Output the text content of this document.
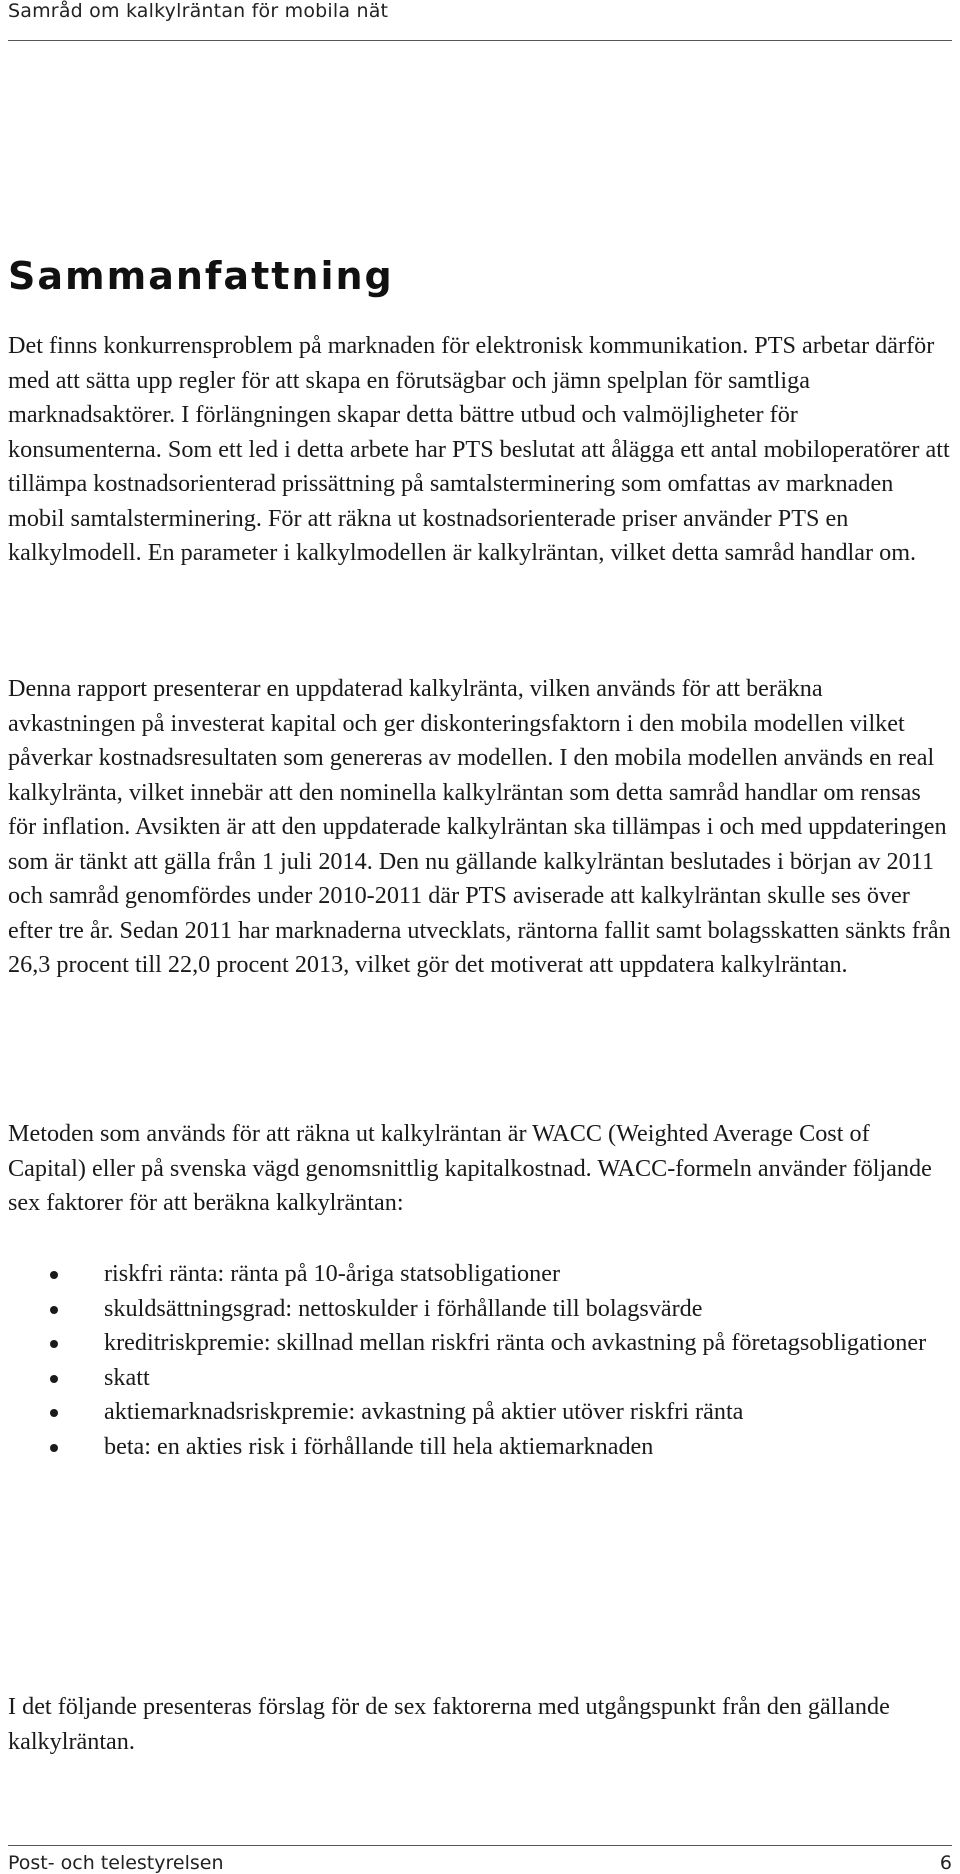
Samråd om kalkylräntan för mobila nät
Sammanfattning

Det finns konkurrensproblem på marknaden för elektronisk kommunikation. PTS arbetar därför med att sätta upp regler för att skapa en förutsägbar och jämn spelplan för samtliga marknadsaktörer. I förlängningen skapar detta bättre utbud och valmöjligheter för konsumenterna. Som ett led i detta arbete har PTS beslutat att ålägga ett antal mobiloperatörer att tillämpa kostnadsorienterad prissättning på samtalsterminering som omfattas av marknaden mobil samtalsterminering. För att räkna ut kostnadsorienterade priser använder PTS en kalkylmodell. En parameter i kalkylmodellen är kalkylräntan, vilket detta samråd handlar om.

Denna rapport presenterar en uppdaterad kalkylränta, vilken används för att beräkna avkastningen på investerat kapital och ger diskonteringsfaktorn i den mobila modellen vilket påverkar kostnadsresultaten som genereras av modellen. I den mobila modellen används en real kalkylränta, vilket innebär att den nominella kalkylräntan som detta samråd handlar om rensas för inflation. Avsikten är att den uppdaterade kalkylräntan ska tillämpas i och med uppdateringen som är tänkt att gälla från 1 juli 2014. Den nu gällande kalkylräntan beslutades i början av 2011 och samråd genomfördes under 2010-2011 där PTS aviserade att kalkylräntan skulle ses över efter tre år. Sedan 2011 har marknaderna utvecklats, räntorna fallit samt bolagsskatten sänkts från 26,3 procent till 22,0 procent 2013, vilket gör det motiverat att uppdatera kalkylräntan.

Metoden som används för att räkna ut kalkylräntan är WACC (Weighted Average Cost of Capital) eller på svenska vägd genomsnittlig kapitalkostnad. WACC-formeln använder följande sex faktorer för att beräkna kalkylräntan:

riskfri ränta: ränta på 10-åriga statsobligationer
skuldsättningsgrad: nettoskulder i förhållande till bolagsvärde
kreditriskpremie: skillnad mellan riskfri ränta och avkastning på företagsobligationer
skatt
aktiemarknadsriskpremie: avkastning på aktier utöver riskfri ränta
beta: en akties risk i förhållande till hela aktiemarknaden

I det följande presenteras förslag för de sex faktorerna med utgångspunkt från den gällande kalkylräntan.

Post- och telestyrelsen	6
